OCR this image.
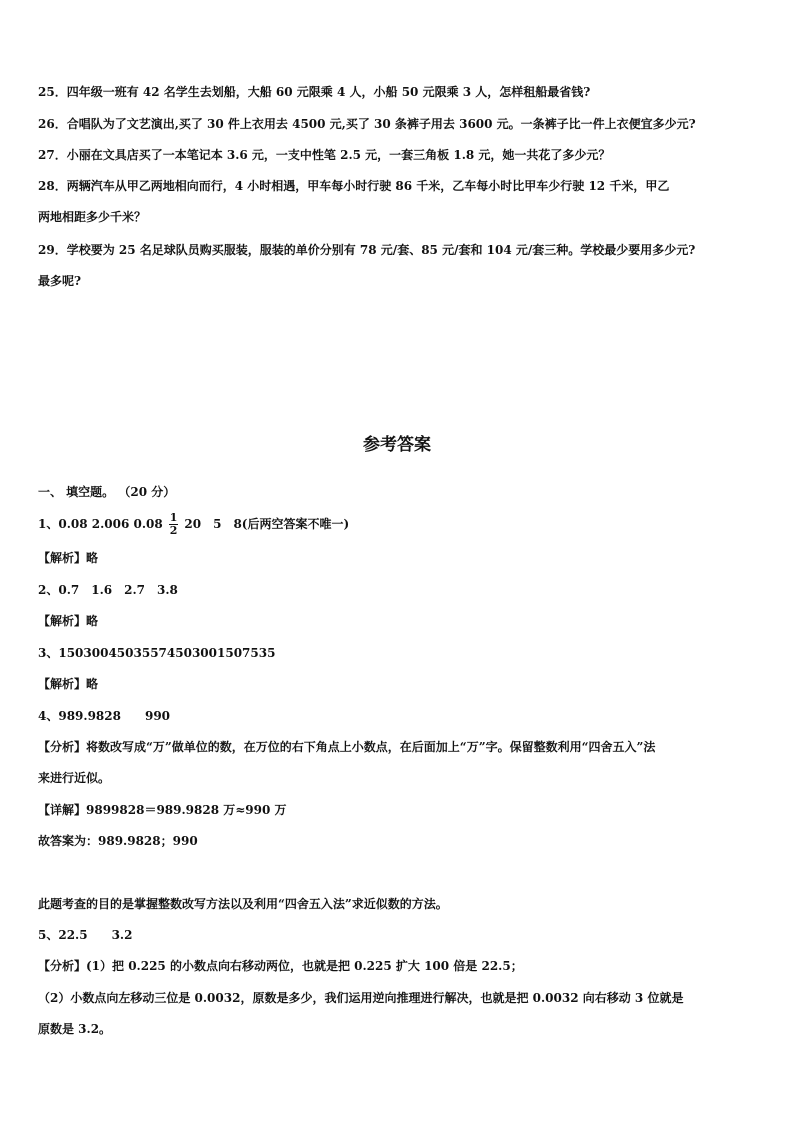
25．四年级一班有 42 名学生去划船，大船 60 元限乘 4 人，小船 50 元限乘 3 人，怎样租船最省钱?
26．合唱队为了文艺演出,买了 30 件上衣用去 4500 元,买了 30 条裤子用去 3600 元。一条裤子比一件上衣便宜多少元?
27．小丽在文具店买了一本笔记本 3.6 元，一支中性笔 2.5 元，一套三角板 1.8 元，她一共花了多少元？
28．两辆汽车从甲乙两地相向而行，4 小时相遇，甲车每小时行驶 86 千米，乙车每小时比甲车少行驶 12 千米，甲乙
两地相距多少千米？
29．学校要为 25 名足球队员购买服装，服装的单价分别有 78 元/套、85 元/套和 104 元/套三种。学校最少要用多少元?
最多呢?
参考答案
一、 填空题。 （20 分）
1、0.08 2.006 $0.08 \frac{1}{2} 20$　5　8(后两空答案不唯一)
【解析】略
2、0.7　1.6　2.7　3.8
【解析】略
3、15030045035574503001507535
【解析】略
4、989.9828　　990
【分析】将数改写成“万”做单位的数，在万位的右下角点上小数点，在后面加上“万”字。保留整数利用“四舍五入”法
来进行近似。
【详解】9899828＝989.9828 万≈990 万
故答案为：989.9828；990
此题考查的目的是掌握整数改写方法以及利用“四舍五入法”求近似数的方法。
5、22.5　　3.2
【分析】(1）把 0.225 的小数点向右移动两位，也就是把 0.225 扩大 100 倍是 22.5；
（2）小数点向左移动三位是 0.0032，原数是多少，我们运用逆向推理进行解决，也就是把 0.0032 向右移动 3 位就是
原数是 3.2。
